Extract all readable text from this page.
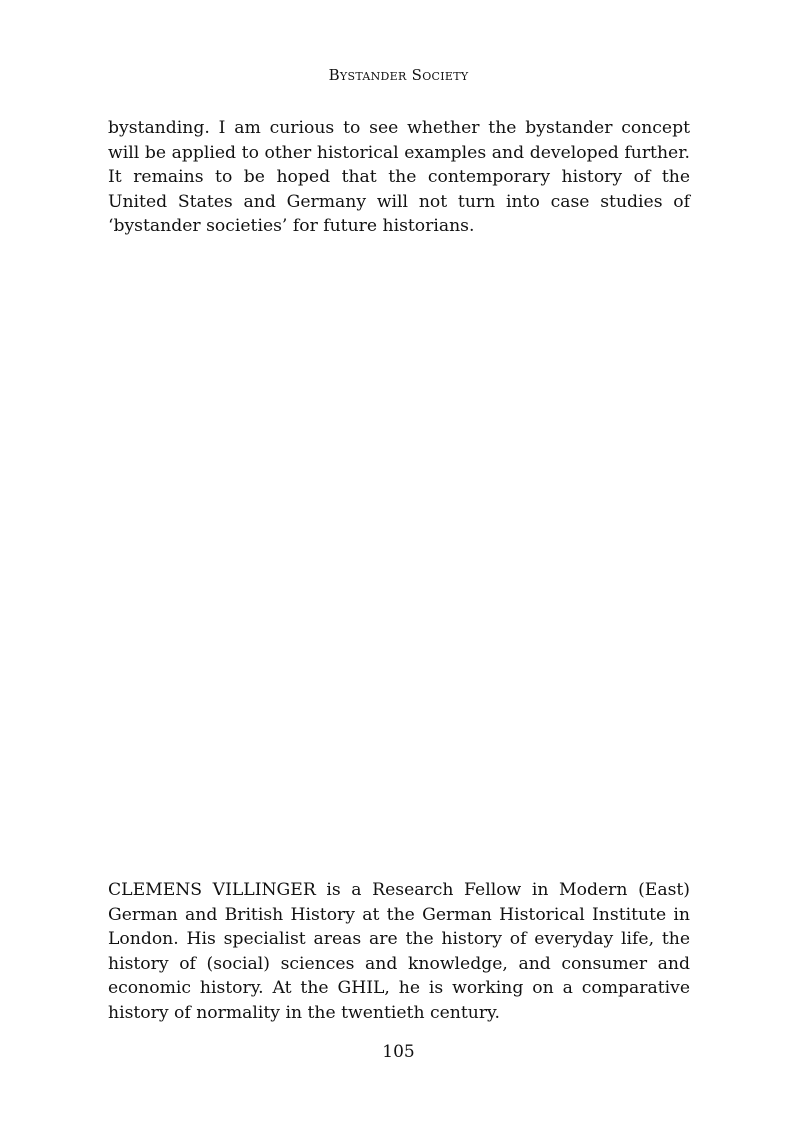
Bystander Society

bystanding. I am curious to see whether the bystander concept will be applied to other historical examples and developed further. It remains to be hoped that the contemporary history of the United States and Germany will not turn into case studies of ‘bystander societies’ for future historians.

CLEMENS VILLINGER is a Research Fellow in Modern (East) German and British History at the German Historical Institute in London. His specialist areas are the history of everyday life, the history of (social) sciences and knowledge, and consumer and economic history. At the GHIL, he is working on a comparative history of normality in the twentieth century.

105
